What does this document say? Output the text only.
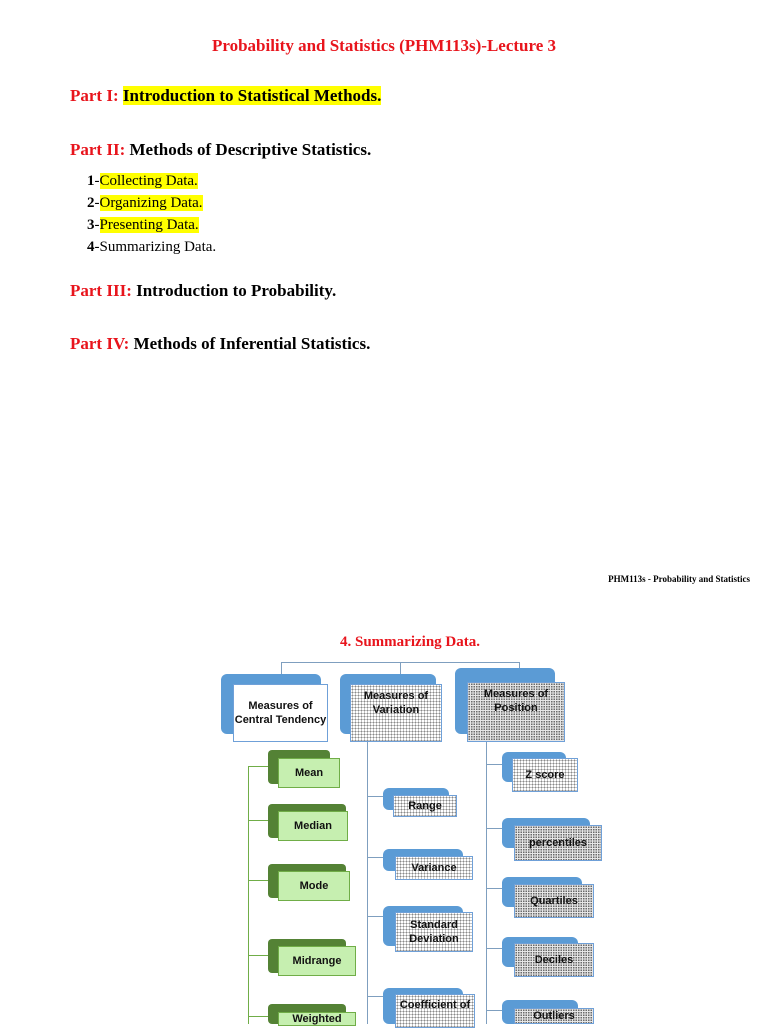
Probability and Statistics (PHM113s)-Lecture 3
Part I: Introduction to Statistical Methods.
Part II: Methods of Descriptive Statistics.
1-Collecting Data.
2-Organizing Data.
3-Presenting Data.
4-Summarizing Data.
Part III: Introduction to Probability.
Part IV: Methods of Inferential Statistics.
PHM113s - Probability and Statistics
4. Summarizing Data.
Measures of Central Tendency
Measures of Variation
Measures of Position
Mean
Median
Mode
Midrange
Weighted
Range
Variance
Standard Deviation
Coefficient of
Z score
percentiles
Quartiles
Deciles
Outliers
